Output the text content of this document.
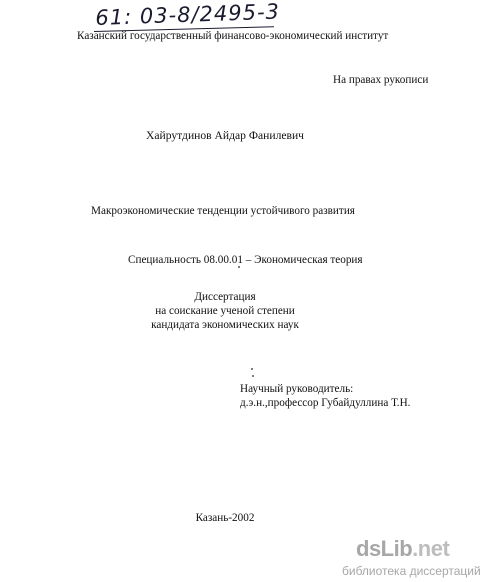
61: 03-8/2495-3
Казанский государственный финансово-экономический институт
На правах рукописи
Хайрутдинов Айдар Фанилевич
Макроэкономические тенденции устойчивого развития
Специальность 08.00.01 – Экономическая теория
Диссертация
на соискание ученой степени
кандидата экономических наук
Научный руководитель:
д.э.н.,профессор Губайдуллина Т.Н.
Казань-2002
dsLib.net
библиотека диссертаций
